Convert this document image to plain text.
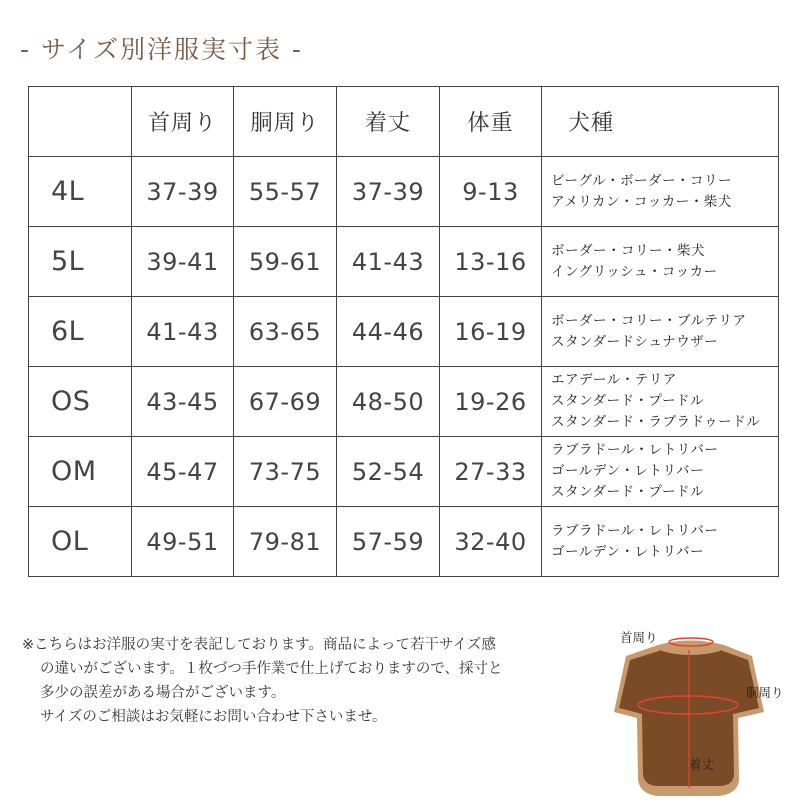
- サイズ別洋服実寸表 -
	首周り	胴周り	着丈	体重	犬種
4L	37-39	55-57	37-39	9-13	ビーグル・ボーダー・コリー
アメリカン・コッカー・柴犬

5L	39-41	59-61	41-43	13-16	ボーダー・コリー・柴犬
イングリッシュ・コッカー

6L	41-43	63-65	44-46	16-19	ボーダー・コリー・ブルテリア
スタンダードシュナウザー

OS	43-45	67-69	48-50	19-26	エアデール・テリア
スタンダード・プードル
スタンダード・ラブラドゥードル

OM	45-47	73-75	52-54	27-33	ラブラドール・レトリバー
ゴールデン・レトリバー
スタンダード・プードル

OL	49-51	79-81	57-59	32-40	ラブラドール・レトリバー
ゴールデン・レトリバー
※こちらはお洋服の実寸を表記しております。商品によって若干サイズ感
の違いがございます。１枚づつ手作業で仕上げておりますので、採寸と
多少の誤差がある場合がございます。
サイズのご相談はお気軽にお問い合わせ下さいませ。
首周り
胴周り
着丈
